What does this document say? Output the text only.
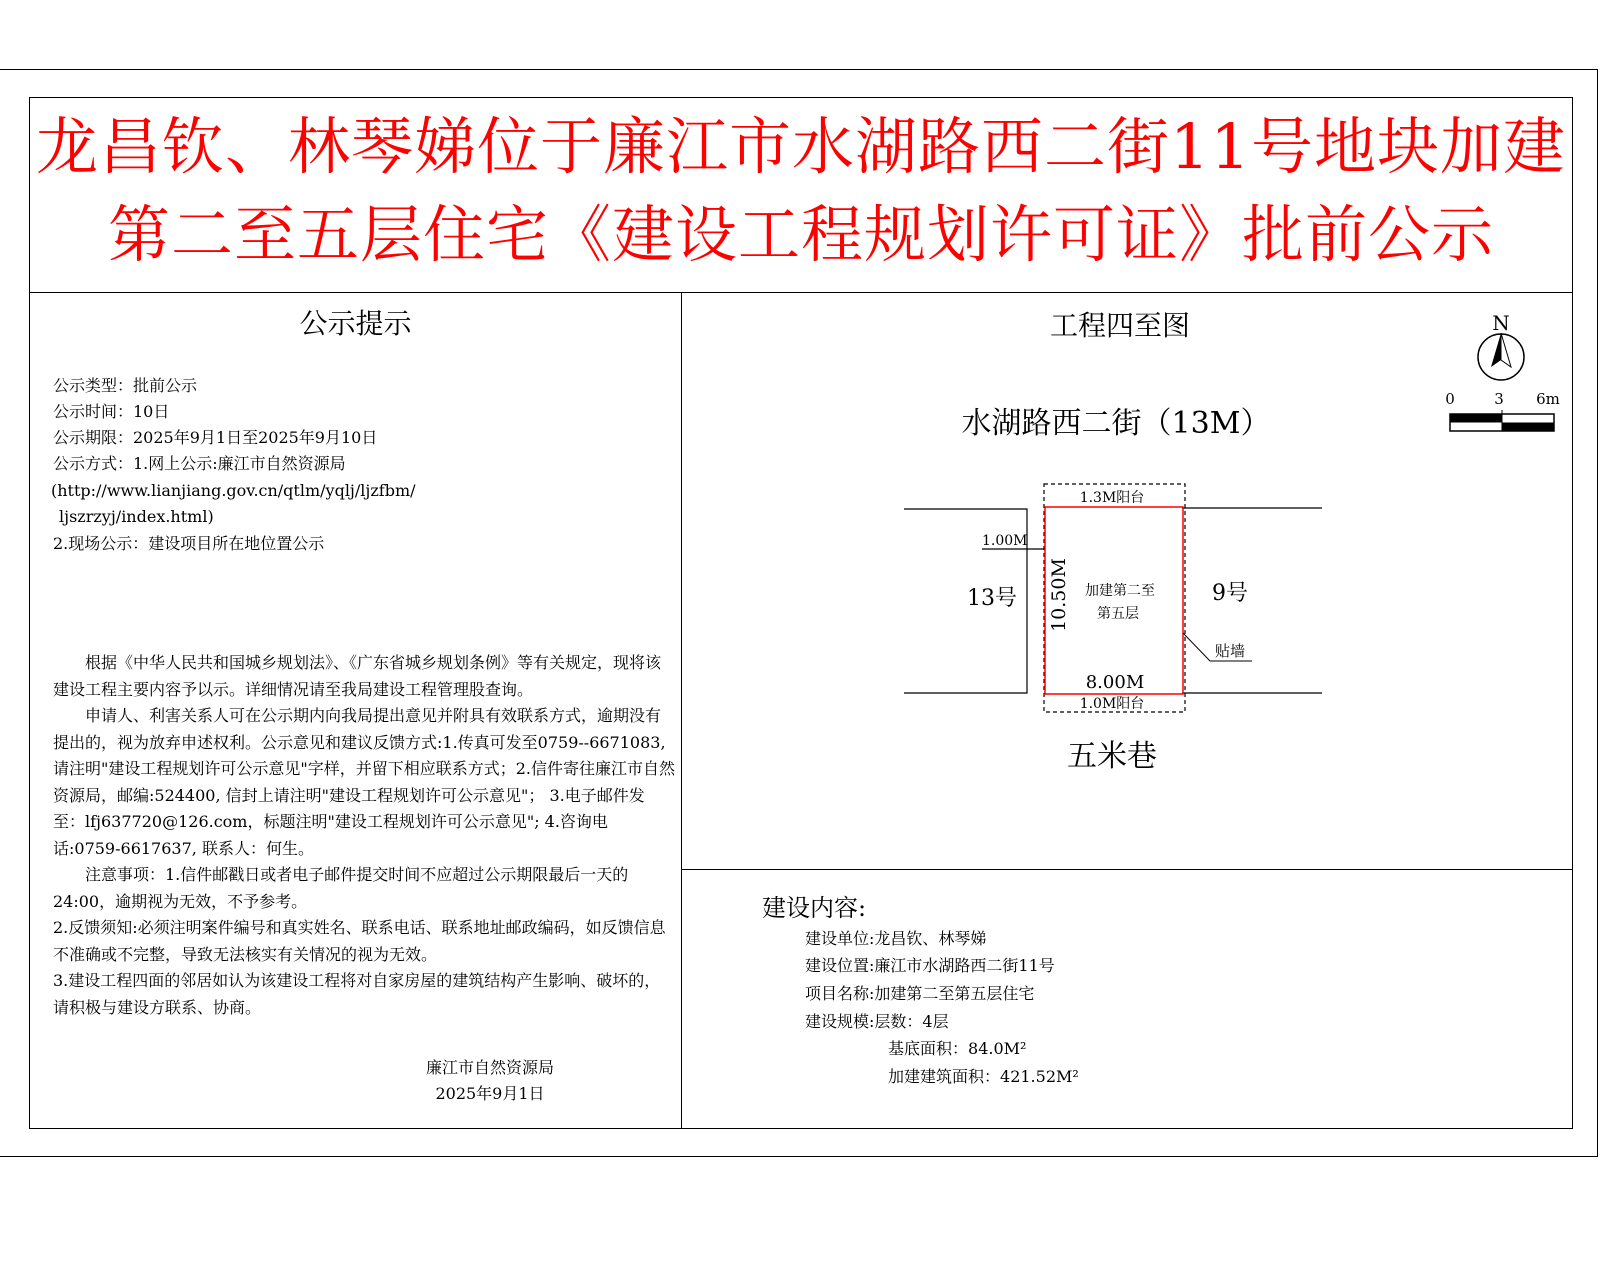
龙昌钦、林琴娣位于廉江市水湖路西二街11号地块加建
第二至五层住宅《建设工程规划许可证》批前公示
公示提示
公示类型：批前公示
公示时间：10日
公示期限：2025年9月1日至2025年9月10日
公示方式：1.网上公示:廉江市自然资源局
(http://www.lianjiang.gov.cn/qtlm/yqlj/ljzfbm/
ljszrzyj/index.html)
2.现场公示：建设项目所在地位置公示

根据《中华人民共和国城乡规划法》、《广东省城乡规划条例》等有关规定，现将该建设工程主要内容予以示。详细情况请至我局建设工程管理股查询。

申请人、利害关系人可在公示期内向我局提出意见并附具有效联系方式，逾期没有提出的，视为放弃申述权利。公示意见和建议反馈方式:1.传真可发至0759--6671083, 请注明"建设工程规划许可公示意见"字样，并留下相应联系方式；2.信件寄往廉江市自然资源局，邮编:524400, 信封上请注明"建设工程规划许可公示意见"； 3.电子邮件发至：lfj637720@126.com，标题注明"建设工程规划许可公示意见"; 4.咨询电话:0759-6617637, 联系人：何生。

注意事项：1.信件邮戳日或者电子邮件提交时间不应超过公示期限最后一天的24:00，逾期视为无效，不予参考。

2.反馈须知:必须注明案件编号和真实姓名、联系电话、联系地址邮政编码，如反馈信息不准确或不完整，导致无法核实有关情况的视为无效。

3.建设工程四面的邻居如认为该建设工程将对自家房屋的建筑结构产生影响、破坏的，请积极与建设方联系、协商。

廉江市自然资源局
2025年9月1日
工程四至图	N
0	3 6m
水湖路西二街（13M）
五米巷
1.3M阳台
1.0M阳台
1.00M
13号	9号
10.50M 加建第二至
第五层
8.00M
贴墙
建设内容:
建设单位:龙昌钦、林琴娣
建设位置:廉江市水湖路西二街11号
项目名称:加建第二至第五层住宅
建设规模:层数：4层
基底面积：84.0M²
加建建筑面积：421.52M²
